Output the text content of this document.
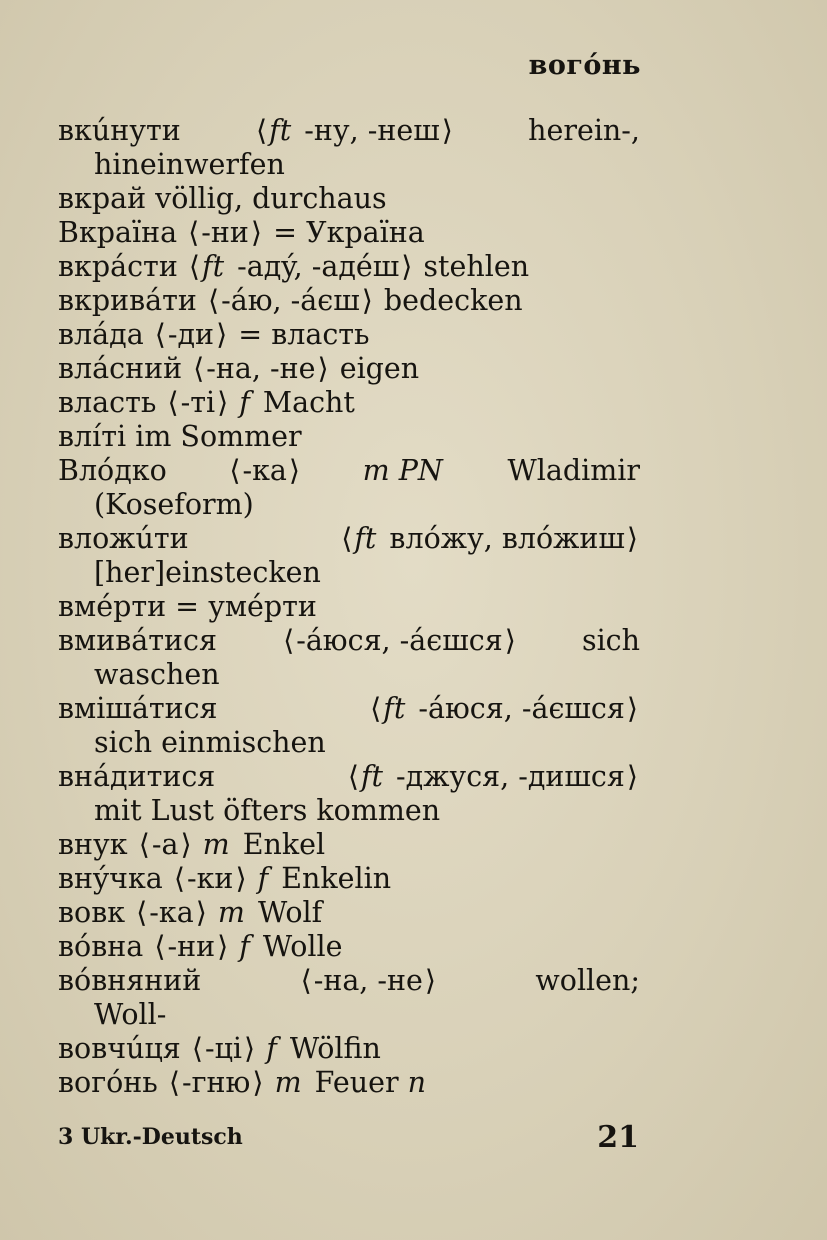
вогóнь
вкúнути	⟨ft -ну, -неш⟩	herein-,
hineinwerfen
вкрай völlig, durchaus
Вкраïна ⟨-ни⟩ = Украïна
вкрáсти ⟨ft -адý, -адéш⟩ stehlen
вкривáти ⟨-áю, -áєш⟩ bedecken
влáда ⟨-ди⟩ = власть
влáсний ⟨-на, -не⟩ eigen
власть ⟨-ті⟩ f Macht
влíті im Sommer
Влóдко ⟨-ка⟩ m PN Wladimir
(Koseform)
вложúти	⟨ft влóжу, влóжиш⟩
[her]einstecken
вмéрти = умéрти
вмивáтися ⟨-áюся, -áєшся⟩ sich
waschen
вмішáтися	⟨ft -áюся, -áєшся⟩
sich einmischen
внáдитися	⟨ft -джуся, -дишся⟩
mit Lust öfters kommen
внук ⟨-а⟩ m Enkel
внýчка ⟨-ки⟩ f Enkelin
вовк ⟨-ка⟩ m Wolf
вóвна ⟨-ни⟩ f Wolle
вóвняний	⟨-на, -не⟩	wollen;
Woll-
вовчúця ⟨-ці⟩ f Wölfin
вогóнь ⟨-гню⟩ m Feuer n
3 Ukr.-Deutsch	21
